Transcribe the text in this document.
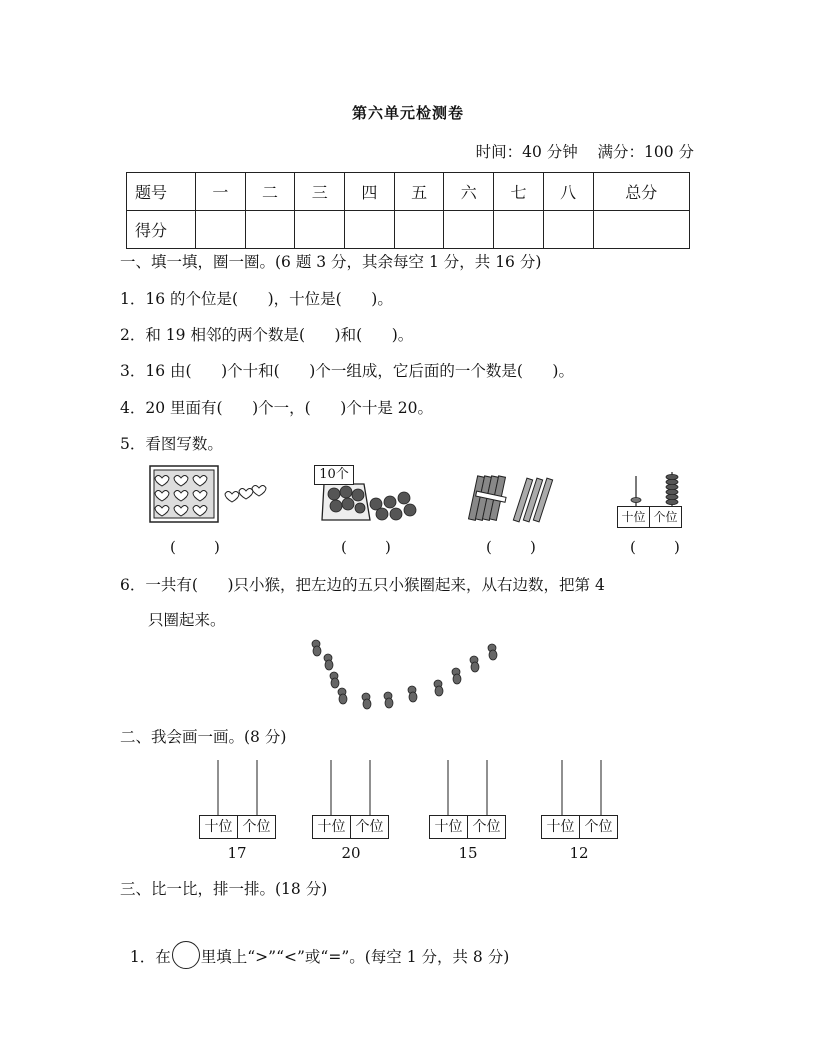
第六单元检测卷
时间：40 分钟    满分：100 分
题号	一	二	三	四	五	六	七	八	总分
得分									
一、填一填，圈一圈。(6 题 3 分，其余每空 1 分，共 16 分)
1．16 的个位是(      )，十位是(      )。
2．和 19 相邻的两个数是(      )和(      )。
3．16 由(      )个十和(      )个一组成，它后面的一个数是(      )。
4．20 里面有(      )个一，(      )个十是 20。
5．看图写数。
10个
十位 个位
(        )	(        )	(        )	(        )
6．一共有(      )只小猴，把左边的五只小猴圈起来，从右边数，把第 4
只圈起来。
二、我会画一画。(8 分)
十位 个位	十位 个位	十位 个位	十位 个位
17	20	15	12
三、比一比，排一排。(18 分)

1．在 里填上“>”“<”或“=”。(每空 1 分，共 8 分)
